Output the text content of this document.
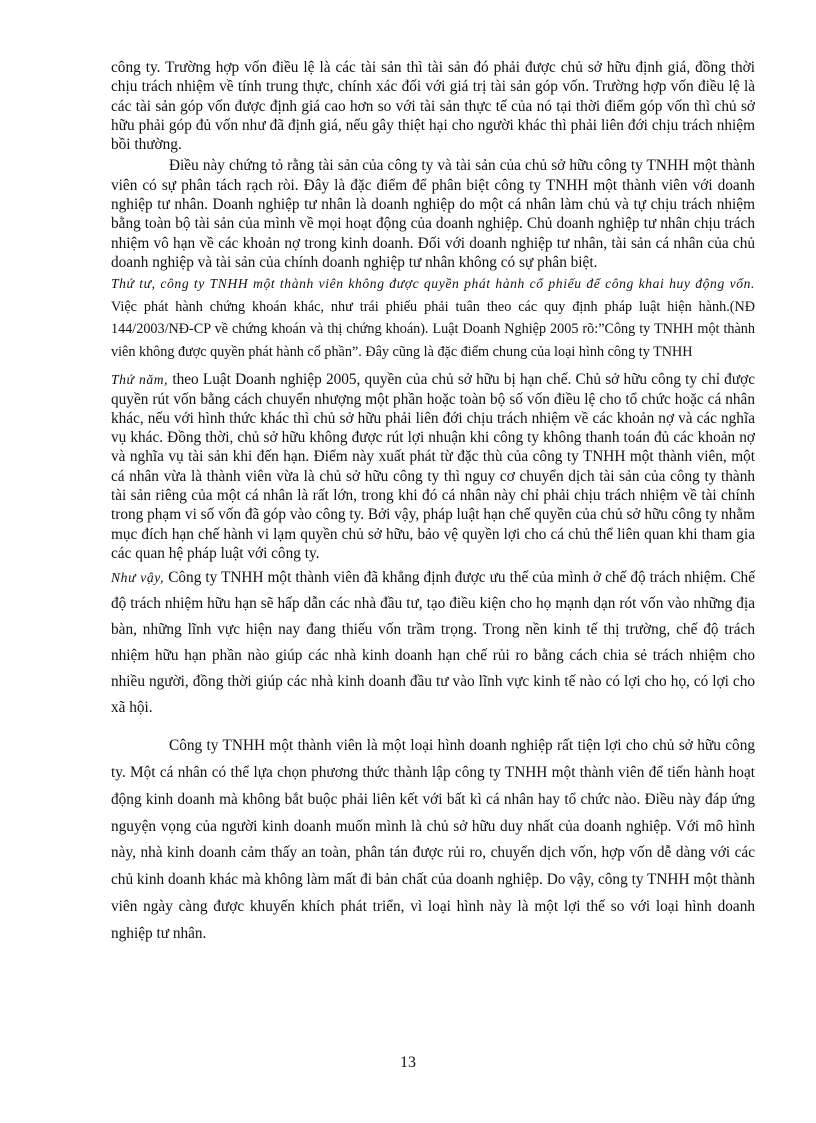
công ty. Trường hợp vốn điều lệ là các tài sản thì tài sản đó phải được chủ sở hữu định giá, đồng thời chịu trách nhiệm về tính trung thực, chính xác đối với giá trị tài sản góp vốn. Trường hợp vốn điều lệ là các tài sản góp vốn được định giá cao hơn so với tài sản thực tế của nó tại thời điểm góp vốn thì chủ sở hữu phải góp đủ vốn như đã định giá, nếu gây thiệt hại cho người khác thì phải liên đới chịu trách nhiệm bồi thường.

Điều này chứng tỏ rằng tài sản của công ty và tài sản của chủ sở hữu công ty TNHH một thành viên có sự phân tách rạch ròi. Đây là đặc điểm để phân biệt công ty TNHH một thành viên với doanh nghiệp tư nhân. Doanh nghiệp tư nhân là doanh nghiệp do một cá nhân làm chủ và tự chịu trách nhiệm bằng toàn bộ tài sản của mình về mọi hoạt động của doanh nghiệp. Chủ doanh nghiệp tư nhân chịu trách nhiệm vô hạn về các khoản nợ trong kinh doanh. Đối với doanh nghiệp tư nhân, tài sản cá nhân của chủ doanh nghiệp và tài sản của chính doanh nghiệp tư nhân không có sự phân biệt.

Thứ tư, công ty TNHH một thành viên không được quyền phát hành cổ phiếu để công khai huy động vốn. Việc phát hành chứng khoán khác, như trái phiếu phải tuân theo các quy định pháp luật hiện hành.(NĐ 144/2003/NĐ-CP về chứng khoán và thị chứng khoán). Luật Doanh Nghiệp 2005 rõ:”Công ty TNHH một thành viên không được quyền phát hành cổ phần”. Đây cũng là đặc điểm chung của loại hình công ty TNHH

Thứ năm, theo Luật Doanh nghiệp 2005, quyền của chủ sở hữu bị hạn chế. Chủ sở hữu công ty chỉ được quyền rút vốn bằng cách chuyển nhượng một phần hoặc toàn bộ số vốn điều lệ cho tổ chức hoặc cá nhân khác, nếu với hình thức khác thì chủ sở hữu phải liên đới chịu trách nhiệm về các khoản nợ và các nghĩa vụ khác. Đồng thời, chủ sở hữu không được rút lợi nhuận khi công ty không thanh toán đủ các khoản nợ và nghĩa vụ tài sản khi đến hạn. Điểm này xuất phát từ đặc thù của công ty TNHH một thành viên, một cá nhân vừa là thành viên vừa là chủ sở hữu công ty thì nguy cơ chuyển dịch tài sản của công ty thành tài sản riêng của một cá nhân là rất lớn, trong khi đó cá nhân này chỉ phải chịu trách nhiệm về tài chính trong phạm vi số vốn đã góp vào công ty. Bởi vậy, pháp luật hạn chế quyền của chủ sở hữu công ty nhằm mục đích hạn chế hành vi lạm quyền chủ sở hữu, bảo vệ quyền lợi cho cá chủ thể liên quan khi tham gia các quan hệ pháp luật với công ty.

Như vậy, Công ty TNHH một thành viên đã khẳng định được ưu thế của mình ở chế độ trách nhiệm. Chế độ trách nhiệm hữu hạn sẽ hấp dẫn các nhà đầu tư, tạo điều kiện cho họ mạnh dạn rót vốn vào những địa bàn, những lĩnh vực hiện nay đang thiếu vốn trầm trọng. Trong nền kinh tế thị trường, chế độ trách nhiệm hữu hạn phần nào giúp các nhà kinh doanh hạn chế rủi ro bằng cách chia sẻ trách nhiệm cho nhiều người, đồng thời giúp các nhà kinh doanh đầu tư vào lĩnh vực kinh tế nào có lợi cho họ, có lợi cho xã hội.

Công ty TNHH một thành viên là một loại hình doanh nghiệp rất tiện lợi cho chủ sở hữu công ty. Một cá nhân có thể lựa chọn phương thức thành lập công ty TNHH một thành viên để tiến hành hoạt động kinh doanh mà không bắt buộc phải liên kết với bất kì cá nhân hay tổ chức nào. Điều này đáp ứng nguyện vọng của người kinh doanh muốn mình là chủ sở hữu duy nhất của doanh nghiệp. Với mô hình này, nhà kinh doanh cảm thấy an toàn, phân tán được rủi ro, chuyển dịch vốn, hợp vốn dễ dàng với các chủ kinh doanh khác mà không làm mất đi bản chất của doanh nghiệp. Do vậy, công ty TNHH một thành viên ngày càng được khuyến khích phát triển, vì loại hình này là một lợi thế so với loại hình doanh nghiệp tư nhân.

13
